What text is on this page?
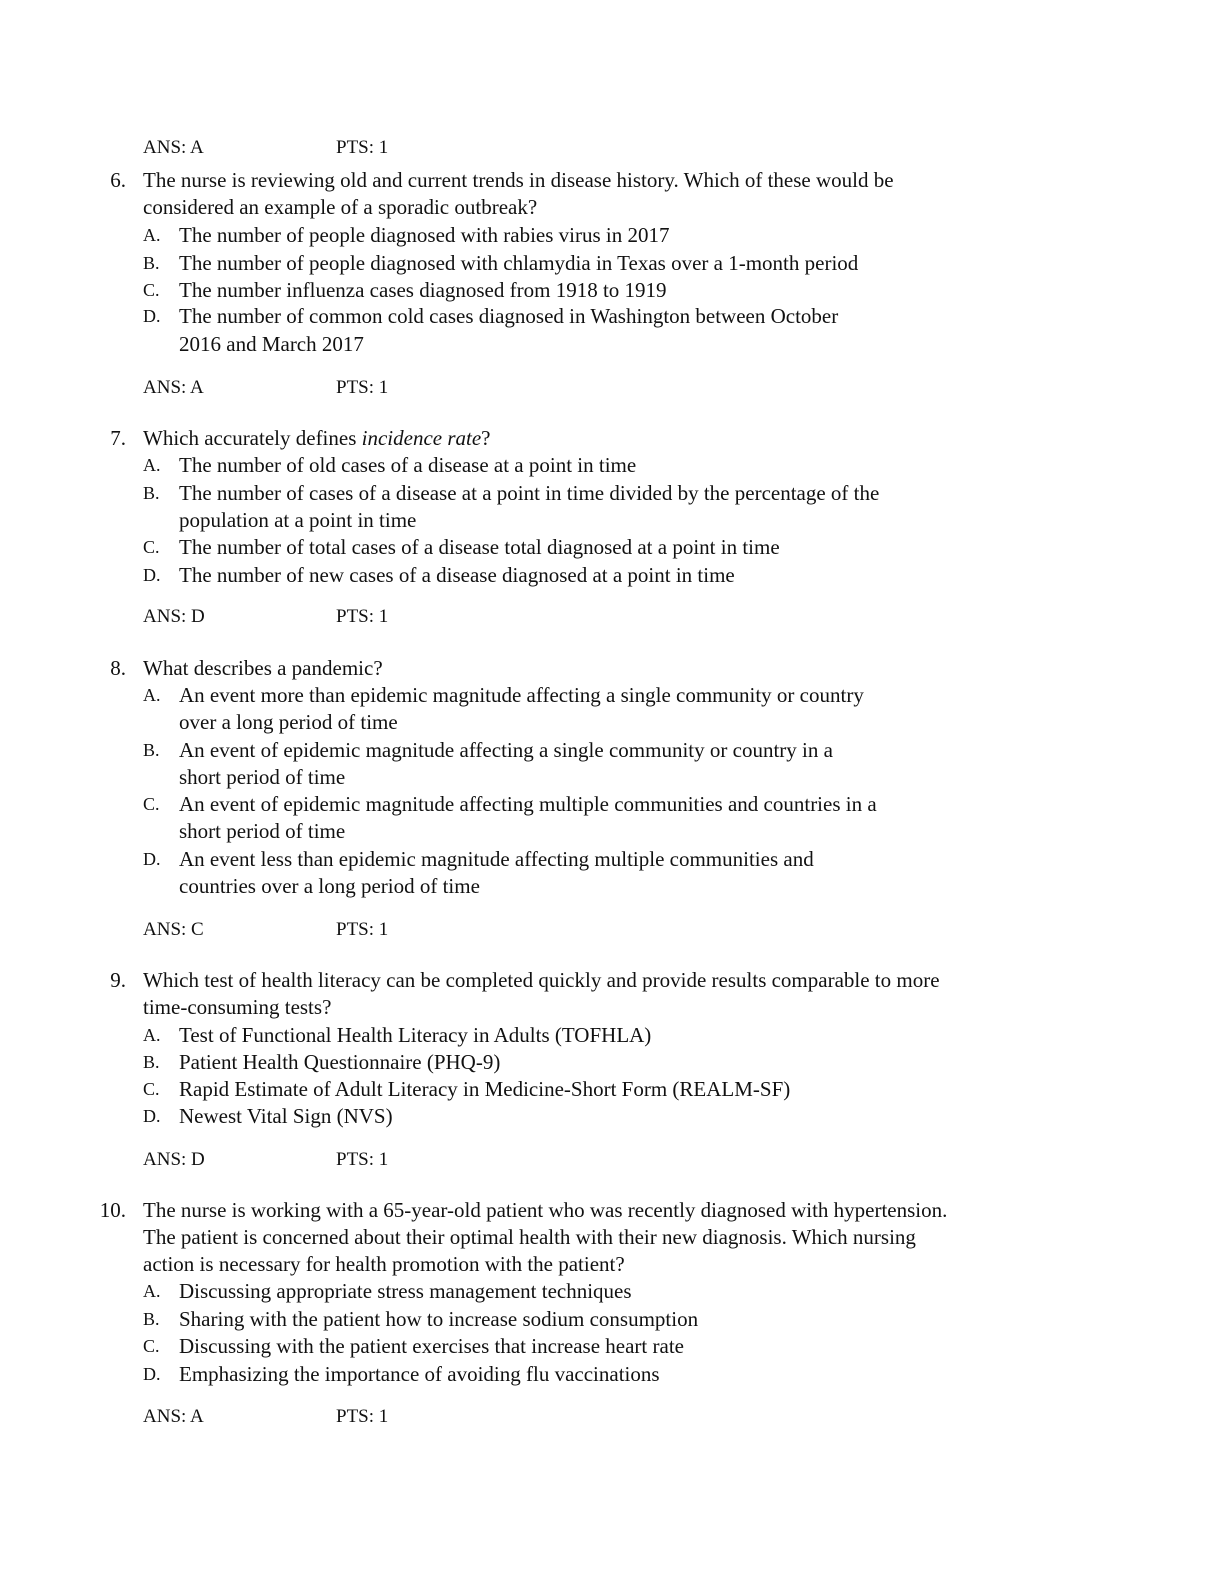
ANS: A	PTS: 1
6. The nurse is reviewing old and current trends in disease history. Which of these would be
considered an example of a sporadic outbreak?
A. The number of people diagnosed with rabies virus in 2017
B. The number of people diagnosed with chlamydia in Texas over a 1-month period
C. The number influenza cases diagnosed from 1918 to 1919
D. The number of common cold cases diagnosed in Washington between October
2016 and March 2017
ANS: A	PTS: 1
7. Which accurately defines incidence rate?
A. The number of old cases of a disease at a point in time
B. The number of cases of a disease at a point in time divided by the percentage of the
population at a point in time
C. The number of total cases of a disease total diagnosed at a point in time
D. The number of new cases of a disease diagnosed at a point in time
ANS: D	PTS: 1
8. What describes a pandemic?
A. An event more than epidemic magnitude affecting a single community or country
over a long period of time
B. An event of epidemic magnitude affecting a single community or country in a
short period of time
C. An event of epidemic magnitude affecting multiple communities and countries in a
short period of time
D. An event less than epidemic magnitude affecting multiple communities and
countries over a long period of time
ANS: C	PTS: 1
9. Which test of health literacy can be completed quickly and provide results comparable to more
time-consuming tests?
A. Test of Functional Health Literacy in Adults (TOFHLA)
B. Patient Health Questionnaire (PHQ-9)
C. Rapid Estimate of Adult Literacy in Medicine-Short Form (REALM-SF)
D. Newest Vital Sign (NVS)
ANS: D	PTS: 1
10. The nurse is working with a 65-year-old patient who was recently diagnosed with hypertension.
The patient is concerned about their optimal health with their new diagnosis. Which nursing
action is necessary for health promotion with the patient?
A. Discussing appropriate stress management techniques
B. Sharing with the patient how to increase sodium consumption
C. Discussing with the patient exercises that increase heart rate
D. Emphasizing the importance of avoiding flu vaccinations
ANS: A	PTS: 1
